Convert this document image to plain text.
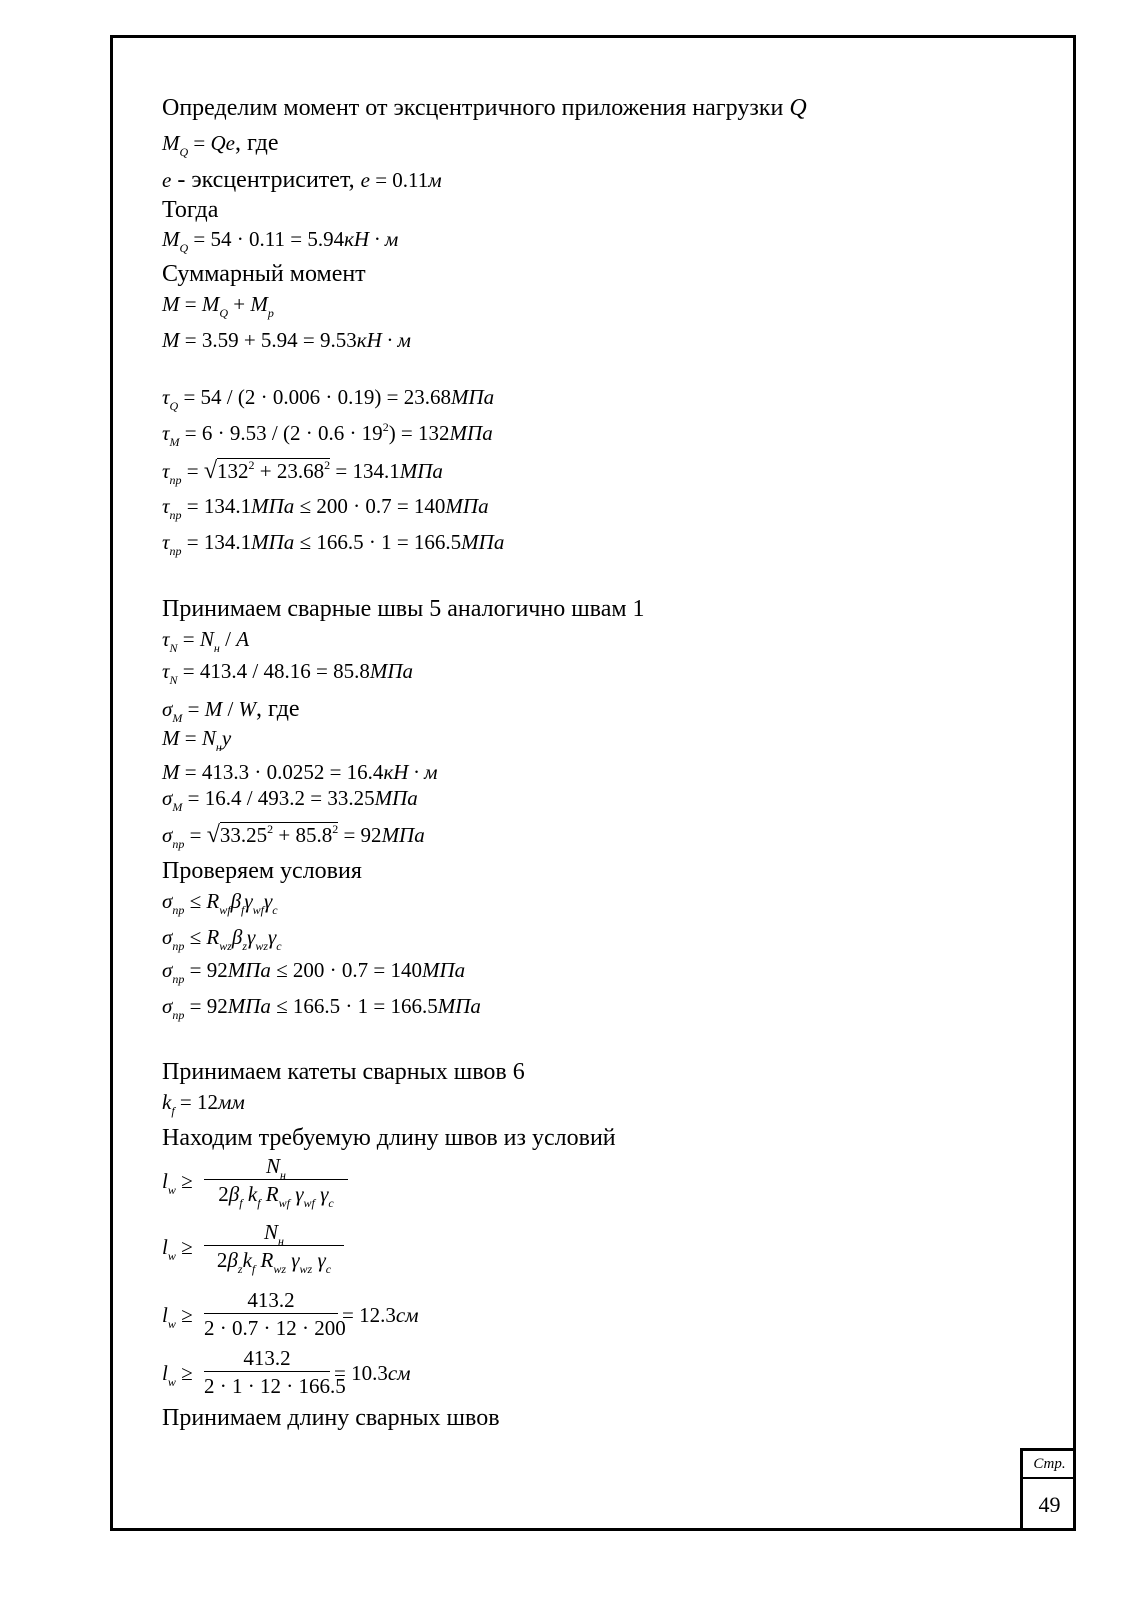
Определим момент от эксцентричного приложения нагрузки Q
$M_Q = Qe$, где
e - эксцентриситет, e = 0.11м
Тогда
$M_Q = 54 \cdot 0.11 = 5.94кН \cdot м$
Суммарный момент
$M = M_Q + M_p$
M = 3.59 + 5.94 = 9.53кН · м
$\tau_Q = 54 / (2 \cdot 0.006 \cdot 0.19) = 23.68МПа$
$\tau_M = 6 \cdot 9.53 / (2 \cdot 0.6 \cdot 19^2) = 132МПа$
$\tau_{пр} = √132^2 + 23.68^2 = 134.1МПа$
$\tau_{пр} = 134.1МПа \le 200 \cdot 0.7 = 140МПа$
$\tau_{пр} = 134.1МПа \le 166.5 \cdot 1 = 166.5МПа$
Принимаем сварные швы 5 аналогично швам 1
$\tau_N = N_н / A$
$\tau_N = 413.4 / 48.16 = 85.8МПа$
$\sigma_M = M / W$, где
$M = N_нy$
M = 413.3 · 0.0252 = 16.4кН · м
$\sigma_M = 16.4 / 493.2 = 33.25МПа$
$\sigma_{пр} = √33.25^2 + 85.8^2 = 92МПа$
Проверяем условия
$\sigma_{пр} \le R_{wf}\beta_f\gamma_{wf}\gamma_c$
$\sigma_{пр} \le R_{wz}\beta_z\gamma_{wz}\gamma_c$
$\sigma_{пр} = 92МПа \le 200 \cdot 0.7 = 140МПа$
$\sigma_{пр} = 92МПа \le 166.5 \cdot 1 = 166.5МПа$
Принимаем катеты сварных швов 6
$k_f = 12мм$
Находим требуемую длину швов из условий
$l_w$ ≥
$N_н$
$2\beta_f$ $k_f$ $R_{wf}$ $\gamma_{wf}$ $\gamma_c$
$l_w$ ≥
$N_н$
$2\beta_zk_f$ $R_{wz}$ $\gamma_{wz}$ $\gamma_c$
$l_w \ge \frac{413.2}{2 \cdot 0.7 \cdot 12 \cdot 200} = 12.3см$
$l_w \ge \frac{413.2}{2 \cdot 1 \cdot 12 \cdot 166.5} = 10.3см$
Принимаем длину сварных швов
Стр.
49
